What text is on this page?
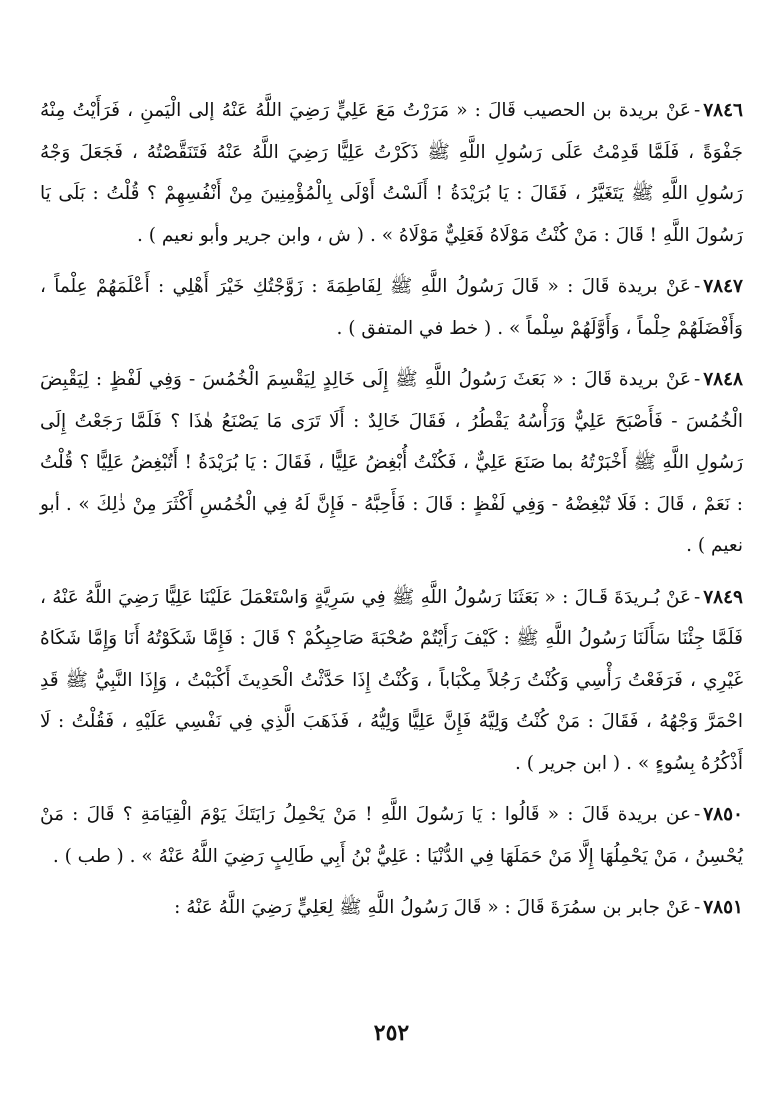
٧٨٤٦-عَنْ بريدة بن الحصيب قَالَ : « مَرَرْتُ مَعَ عَلِيٍّ رَضِيَ اللَّهُ عَنْهُ إلى الْيَمنِ ، فَرَأَيْتُ مِنْهُ جَفْوَةً ، فَلَمَّا قَدِمْتُ عَلَى رَسُولِ اللَّهِ ﷺ ذَكَرْتُ عَلِيًّا رَضِيَ اللَّهُ عَنْهُ فَتَنَقَّصْتُهُ ، فَجَعَلَ وَجْهُ رَسُولِ اللَّهِ ﷺ يَتَغَيَّرُ ، فَقَالَ : يَا بُرَيْدَةُ ! أَلَسْتُ أَوْلَى بِالْمُؤْمِنِينَ مِنْ أَنْفُسِهِمْ ؟ قُلْتُ : بَلَى يَا رَسُولَ اللَّهِ ! قَالَ : مَنْ كُنْتُ مَوْلَاهُ فَعَلِيٌّ مَوْلَاهُ » .( ش ، وابن جرير وأبو نعيم ) .

٧٨٤٧-عَنْ بريدة قَالَ : « قَالَ رَسُولُ اللَّهِ ﷺ لِفَاطِمَةَ : زَوَّجْتُكِ خَيْرَ أَهْلِي : أَعْلَمَهُمْ عِلْماً ، وَأَفْضَلَهُمْ حِلْماً ، وَأَوَّلَهُمْ سِلْماً » .( خط في المتفق ) .

٧٨٤٨-عَنْ بريدة قَالَ : « بَعَثَ رَسُولُ اللَّهِ ﷺ إِلَى خَالِدٍ لِيَقْسِمَ الْخُمُسَ - وَفِي لَفْظٍ : لِيَقْبِضَ الْخُمُسَ - فَأَصْبَحَ عَلِيٌّ وَرَأْسُهُ يَقْطُرُ ، فَقَالَ خَالِدٌ : أَلَا تَرَى مَا يَصْنَعُ هٰذَا ؟ فَلَمَّا رَجَعْتُ إِلَى رَسُولِ اللَّهِ ﷺ أَخْبَرْتُهُ بما صَنَعَ عَلِيٌّ ، فَكُنْتُ أُبْغِضُ عَلِيًّا ، فَقَالَ : يَا بُرَيْدَةُ ! أَتُبْغِضُ عَلِيًّا ؟ قُلْتُ : نَعَمْ ، قَالَ : فَلَا تُبْغِضْهُ - وَفِي لَفْظٍ : قَالَ : فَأَحِبَّهُ - فَإِنَّ لَهُ فِي الْخُمُسِ أَكْثَرَ مِنْ ذٰلِكَ » .أبو نعيم ) .

٧٨٤٩-عَنْ بُـريدَةَ قَـالَ : « بَعَثَنَا رَسُولُ اللَّهِ ﷺ فِي سَرِيَّةٍ وَاسْتَعْمَلَ عَلَيْنَا عَلِيًّا رَضِيَ اللَّهُ عَنْهُ ، فَلَمَّا جِئْنَا سَأَلَنَا رَسُولُ اللَّهِ ﷺ : كَيْفَ رَأَيْتُمْ صُحْبَةَ صَاحِبِكُمْ ؟ قَالَ : فَإِمَّا شَكَوْتُهُ أَنَا وَإِمَّا شَكَاهُ غَيْرِي ، فَرَفَعْتُ رَأْسِي وَكُنْتُ رَجُلاً مِكْبَاباً ، وَكُنْتُ إِذَا حَدَّثْتُ الْحَدِيثَ أَكْبَبْتُ ، وَإِذَا النَّبِيُّ ﷺ قَدِ احْمَرَّ وَجْهُهُ ، فَقَالَ : مَنْ كُنْتُ وَلِيَّهُ فَإِنَّ عَلِيًّا وَلِيُّهُ ، فَذَهَبَ الَّذِي فِي نَفْسِي عَلَيْهِ ، فَقُلْتُ : لَا أَذْكُرُهُ بِسُوءٍ » .( ابن جرير ) .

٧٨٥٠-عن بريدة قَالَ : « قَالُوا : يَا رَسُولَ اللَّهِ ! مَنْ يَحْمِلُ رَايَتَكَ يَوْمَ الْقِيَامَةِ ؟ قَالَ : مَنْ يُحْسِنُ ، مَنْ يَحْمِلُهَا إِلَّا مَنْ حَمَلَهَا فِي الدُّنْيَا : عَلِيُّ بْنُ أَبِي طَالِبٍ رَضِيَ اللَّهُ عَنْهُ » .( طب ) .

٧٨٥١-عَنْ جابر بن سمُرَةَ قَالَ : « قَالَ رَسُولُ اللَّهِ ﷺ لِعَلِيٍّ رَضِيَ اللَّهُ عَنْهُ :

٢٥٢
